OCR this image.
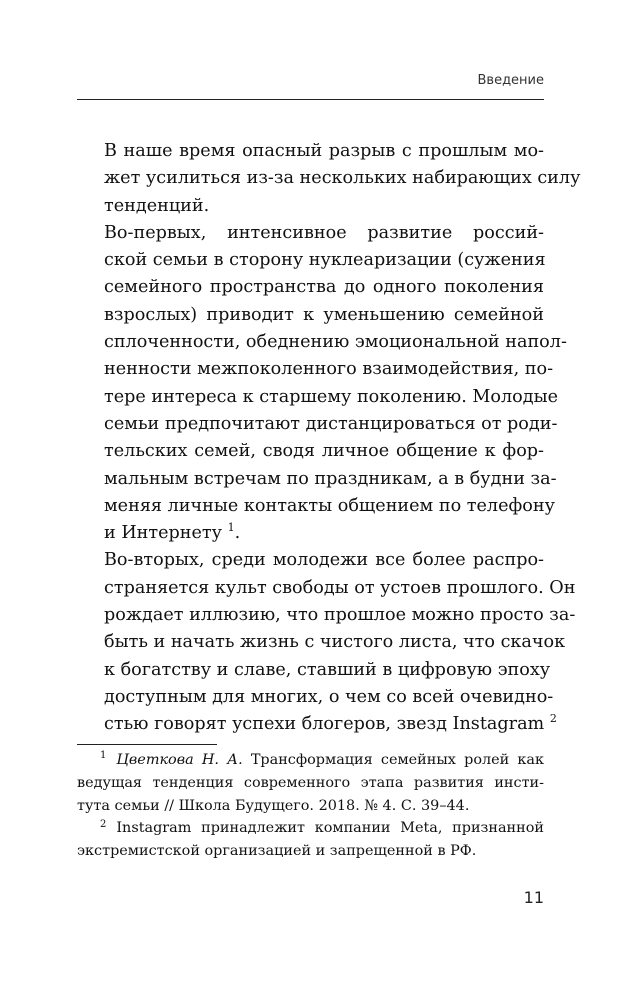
Введение

В наше время опасный разрыв с прошлым мо-
жет усилиться из-за нескольких набирающих силу
тенденций.

Во-первых, интенсивное развитие россий-
ской семьи в сторону нуклеаризации (сужения
семейного пространства до одного поколения
взрослых) приводит к уменьшению семейной
сплоченности, обеднению эмоциональной напол-
ненности межпоколенного взаимодействия, по-
тере интереса к старшему поколению. Молодые
семьи предпочитают дистанцироваться от роди-
тельских семей, сводя личное общение к фор-
мальным встречам по праздникам, а в будни за-
меняя личные контакты общением по телефону
и Интернету $^1$.

Во-вторых, среди молодежи все более распро-
страняется культ свободы от устоев прошлого. Он
рождает иллюзию, что прошлое можно просто за-
быть и начать жизнь с чистого листа, что скачок
к богатству и славе, ставший в цифровую эпоху
доступным для многих, о чем со всей очевидно-
стью говорят успехи блогеров, звезд Instagram $^2$

$^1$ Цветкова Н. А. Трансформация семейных ролей как
ведущая тенденция современного этапа развития инсти-
тута семьи // Школа Будущего. 2018. № 4. С. 39–44.
$^2$ Instagram принадлежит компании Meta, признанной
экстремистской организацией и запрещенной в РФ.
11
